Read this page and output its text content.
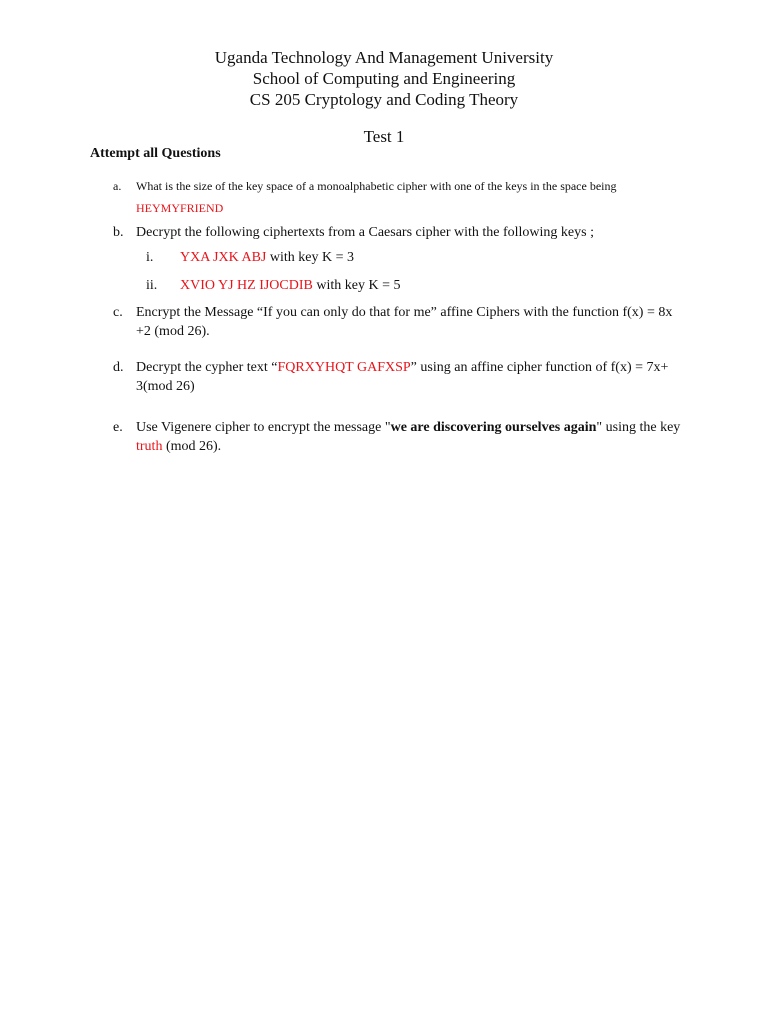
Uganda Technology And Management University
School of Computing and Engineering
CS 205 Cryptology and Coding Theory
Test 1
Attempt all Questions
a. What is the size of the key space of a monoalphabetic cipher with one of the keys in the space being
HEYMYFRIEND
b. Decrypt the following ciphertexts from a Caesars cipher with the following keys ;
i. YXA JXK ABJ with key K = 3
ii. XVIO YJ HZ IJOCDIB with key K = 5
c. Encrypt the Message “If you can only do that for me” affine Ciphers with the function f(x) = 8x +2 (mod 26).
d. Decrypt the cypher text “FQRXYHQT GAFXSP” using an affine cipher function of f(x) = 7x+ 3(mod 26)
e. Use Vigenere cipher to encrypt the message "we are discovering ourselves again" using the key truth (mod 26).
